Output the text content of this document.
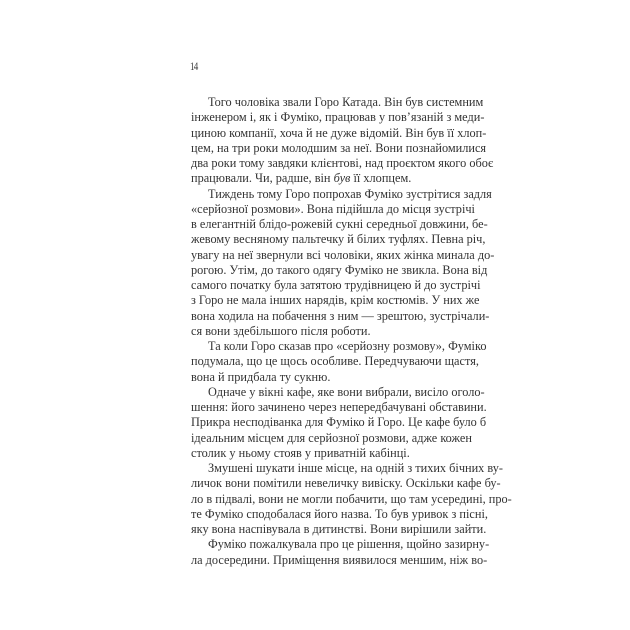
14
Того чоловіка звали Горо Катада. Він був системним
інженером і, як і Фуміко, працював у пов’язаній з меди-
циною компанії, хоча й не дуже відомій. Він був її хлоп-
цем, на три роки молодшим за неї. Вони познайомилися
два роки тому завдяки клієнтові, над проєктом якого обоє
працювали. Чи, радше, він був її хлопцем.
Тиждень тому Горо попрохав Фуміко зустрітися задля
«серйозної розмови». Вона підійшла до місця зустрічі
в елегантній блідо-рожевій сукні середньої довжини, бе-
жевому весняному пальтечку й білих туфлях. Певна річ,
увагу на неї звернули всі чоловіки, яких жінка минала до-
рогою. Утім, до такого одягу Фуміко не звикла. Вона від
самого початку була затятою трудівницею й до зустрічі
з Горо не мала інших нарядів, крім костюмів. У них же
вона ходила на побачення з ним — зрештою, зустрічали-
ся вони здебільшого після роботи.
Та коли Горо сказав про «серйозну розмову», Фуміко
подумала, що це щось особливе. Передчуваючи щастя,
вона й придбала ту сукню.
Одначе у вікні кафе, яке вони вибрали, висіло оголо-
шення: його зачинено через непередбачувані обставини.
Прикра несподіванка для Фуміко й Горо. Це кафе було б
ідеальним місцем для серйозної розмови, адже кожен
столик у ньому стояв у приватній кабінці.
Змушені шукати інше місце, на одній з тихих бічних ву-
личок вони помітили невеличку вивіску. Оскільки кафе бу-
ло в підвалі, вони не могли побачити, що там усередині, про-
те Фуміко сподобалася його назва. То був уривок з пісні,
яку вона наспівувала в дитинстві. Вони вирішили зайти.
Фуміко пожалкувала про це рішення, щойно зазирну-
ла досередини. Приміщення виявилося меншим, ніж во-
